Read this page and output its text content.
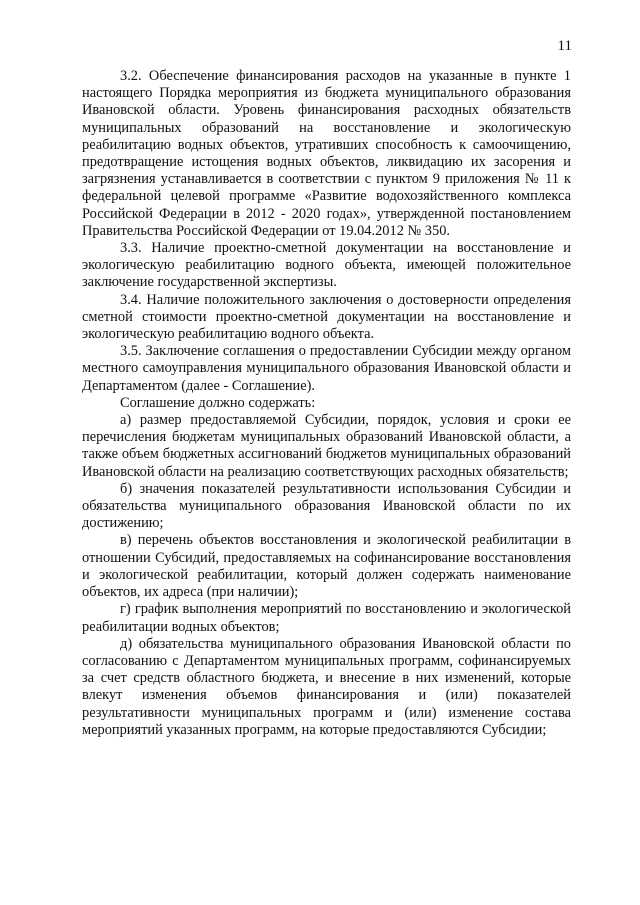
11

3.2. Обеспечение финансирования расходов на указанные в пункте 1 настоящего Порядка мероприятия из бюджета муниципального образования Ивановской области. Уровень финансирования расходных обязательств муниципальных образований на восстановление и экологическую реабилитацию водных объектов, утративших способность к самоочищению, предотвращение истощения водных объектов, ликвидацию их засорения и загрязнения устанавливается в соответствии с пунктом 9 приложения № 11 к федеральной целевой программе «Развитие водохозяйственного комплекса Российской Федерации в 2012 - 2020 годах», утвержденной постановлением Правительства Российской Федерации от 19.04.2012 № 350.

3.3. Наличие проектно-сметной документации на восстановление и экологическую реабилитацию водного объекта, имеющей положительное заключение государственной экспертизы.

3.4. Наличие положительного заключения о достоверности определения сметной стоимости проектно-сметной документации на восстановление и экологическую реабилитацию водного объекта.

3.5. Заключение соглашения о предоставлении Субсидии между органом местного самоуправления муниципального образования Ивановской области и Департаментом (далее - Соглашение).

Соглашение должно содержать:

а) размер предоставляемой Субсидии, порядок, условия и сроки ее перечисления бюджетам муниципальных образований Ивановской области, а также объем бюджетных ассигнований бюджетов муниципальных образований Ивановской области на реализацию соответствующих расходных обязательств;

б) значения показателей результативности использования Субсидии и обязательства муниципального образования Ивановской области по их достижению;

в) перечень объектов восстановления и экологической реабилитации в отношении Субсидий, предоставляемых на софинансирование восстановления и экологической реабилитации, который должен содержать наименование объектов, их адреса (при наличии);

г) график выполнения мероприятий по восстановлению и экологической реабилитации водных объектов;

д) обязательства муниципального образования Ивановской области по согласованию с Департаментом муниципальных программ, софинансируемых за счет средств областного бюджета, и внесение в них изменений, которые влекут изменения объемов финансирования и (или) показателей результативности муниципальных программ и (или) изменение состава мероприятий указанных программ, на которые предоставляются Субсидии;
